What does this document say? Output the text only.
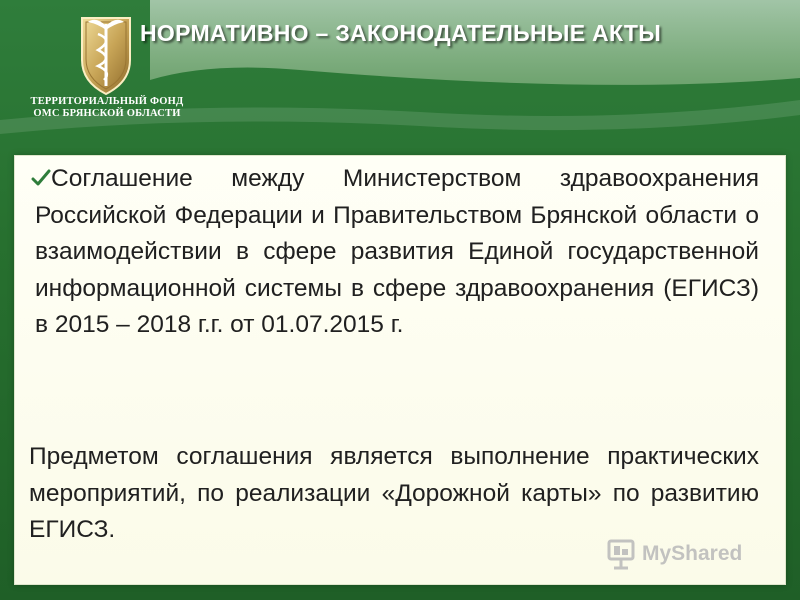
ТЕРРИТОРИАЛЬНЫЙ ФОНД
ОМС БРЯНСКОЙ ОБЛАСТИ
НОРМАТИВНО – ЗАКОНОДАТЕЛЬНЫЕ АКТЫ

Соглашение между Министерством здравоохранения Российской Федерации и Правительством Брянской области о взаимодействии в сфере развития Единой государственной информационной системы в сфере здравоохранения (ЕГИСЗ) в 2015 – 2018 г.г. от 01.07.2015 г.

Предметом соглашения является выполнение практических мероприятий, по реализации «Дорожной карты» по развитию ЕГИСЗ.

MyShared
